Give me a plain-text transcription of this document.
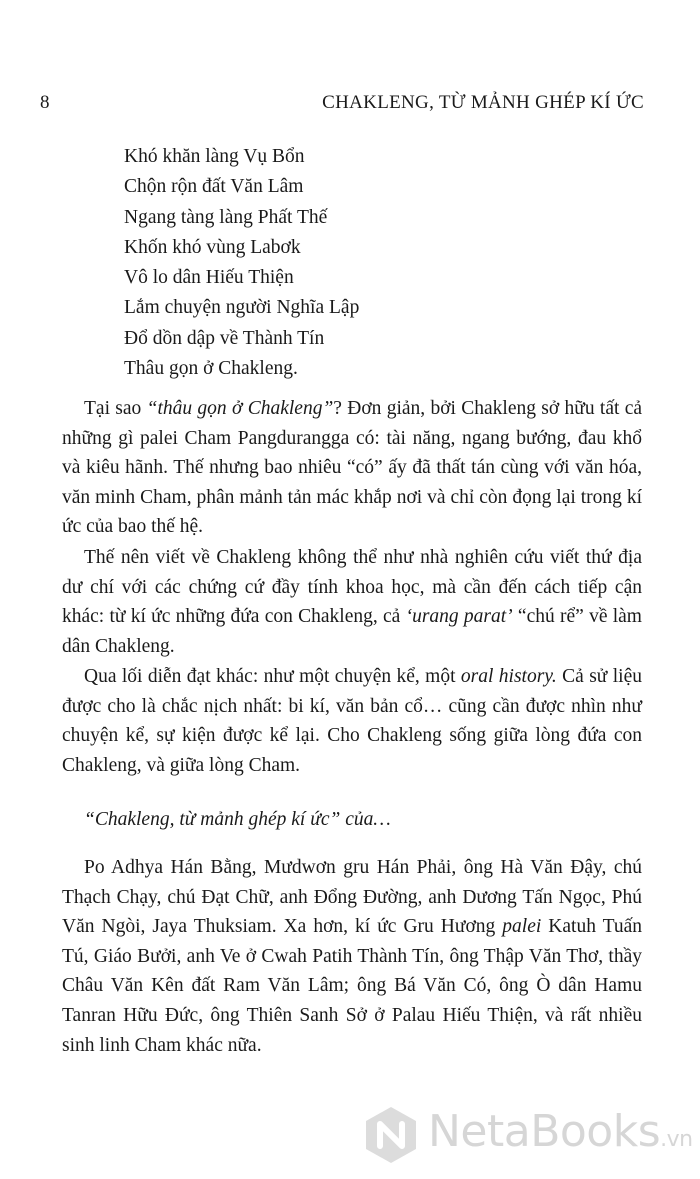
8	CHAKLENG, TỪ MẢNH GHÉP KÍ ỨC
Khó khăn làng Vụ Bổn
Chộn rộn đất Văn Lâm
Ngang tàng làng Phất Thế
Khốn khó vùng Labơk
Vô lo dân Hiếu Thiện
Lắm chuyện người Nghĩa Lập
Đổ dồn dập về Thành Tín
Thâu gọn ở Chakleng.

Tại sao “thâu gọn ở Chakleng”? Đơn giản, bởi Chakleng sở hữu tất cả những gì palei Cham Pangdurangga có: tài năng, ngang bướng, đau khổ và kiêu hãnh. Thế nhưng bao nhiêu “có” ấy đã thất tán cùng với văn hóa, văn minh Cham, phân mảnh tản mác khắp nơi và chỉ còn đọng lại trong kí ức của bao thế hệ.

Thế nên viết về Chakleng không thể như nhà nghiên cứu viết thứ địa dư chí với các chứng cứ đầy tính khoa học, mà cần đến cách tiếp cận khác: từ kí ức những đứa con Chakleng, cả ‘urang parat’ “chú rể” về làm dân Chakleng.

Qua lối diễn đạt khác: như một chuyện kể, một oral history. Cả sử liệu được cho là chắc nịch nhất: bi kí, văn bản cổ… cũng cần được nhìn như chuyện kể, sự kiện được kể lại. Cho Chakleng sống giữa lòng đứa con Chakleng, và giữa lòng Cham.

“Chakleng, từ mảnh ghép kí ức” của…

Po Adhya Hán Bằng, Mưdwơn gru Hán Phải, ông Hà Văn Đậy, chú Thạch Chạy, chú Đạt Chữ, anh Đổng Đường, anh Dương Tấn Ngọc, Phú Văn Ngòi, Jaya Thuksiam. Xa hơn, kí ức Gru Hương palei Katuh Tuấn Tú, Giáo Bưởi, anh Ve ở Cwah Patih Thành Tín, ông Thập Văn Thơ, thầy Châu Văn Kên đất Ram Văn Lâm; ông Bá Văn Có, ông Ò dân Hamu Tanran Hữu Đức, ông Thiên Sanh Sở ở Palau Hiếu Thiện, và rất nhiều sinh linh Cham khác nữa.

NetaBooks.vn
